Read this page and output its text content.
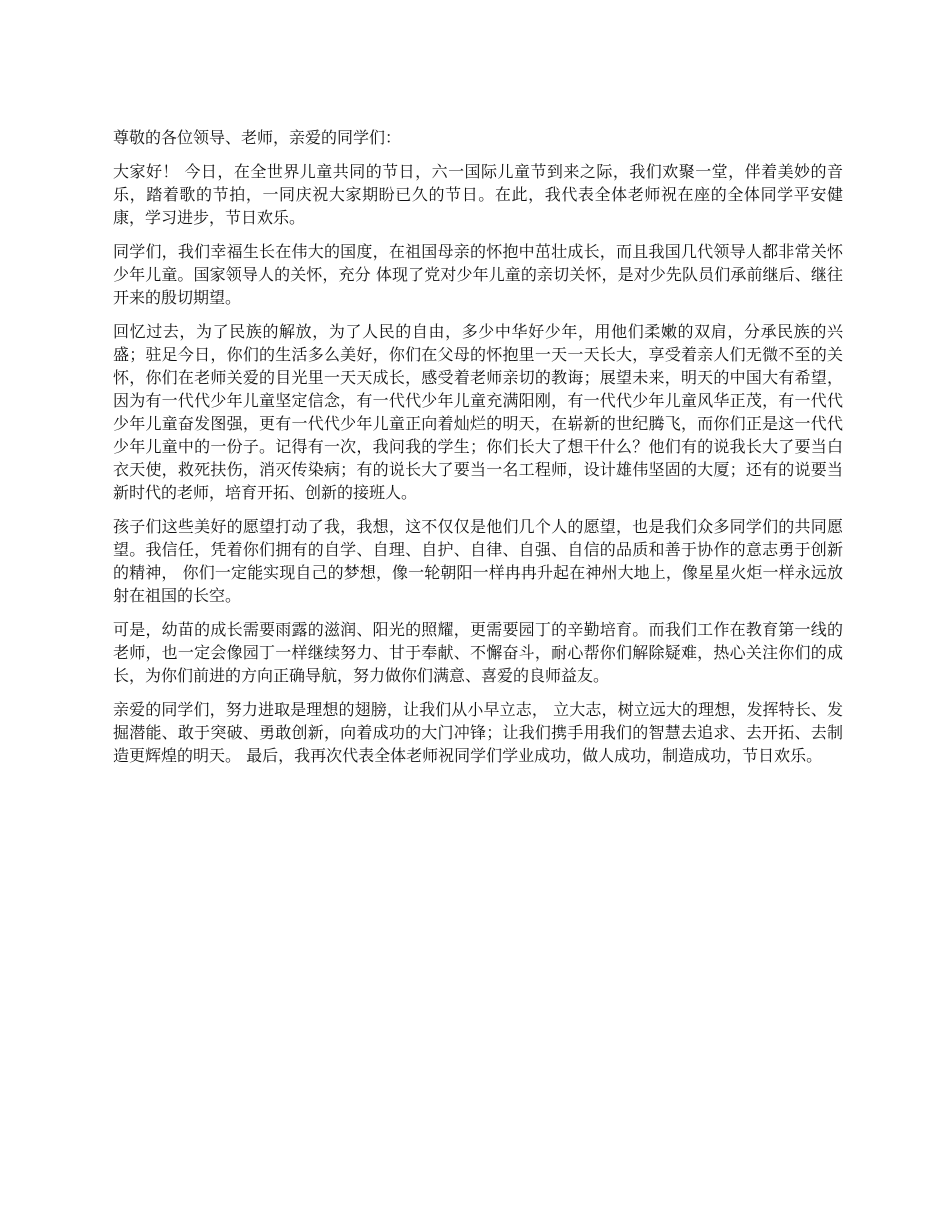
尊敬的各位领导、老师，亲爱的同学们：

大家好！ 今日，在全世界儿童共同的节日，六一国际儿童节到来之际，我们欢聚一堂，伴着美妙的音乐，踏着歌的节拍，一同庆祝大家期盼已久的节日。在此，我代表全体老师祝在座的全体同学平安健康，学习进步，节日欢乐。

同学们，我们幸福生长在伟大的国度，在祖国母亲的怀抱中茁壮成长，而且我国几代领导人都非常关怀少年儿童。国家领导人的关怀，充分 体现了党对少年儿童的亲切关怀，是对少先队员们承前继后、继往开来的殷切期望。

回忆过去，为了民族的解放，为了人民的自由，多少中华好少年，用他们柔嫩的双肩，分承民族的兴盛；驻足今日，你们的生活多么美好，你们在父母的怀抱里一天一天长大，享受着亲人们无微不至的关怀，你们在老师关爱的目光里一天天成长，感受着老师亲切的教诲；展望未来，明天的中国大有希望，因为有一代代少年儿童坚定信念，有一代代少年儿童充满阳刚，有一代代少年儿童风华正茂，有一代代少年儿童奋发图强，更有一代代少年儿童正向着灿烂的明天，在崭新的世纪腾飞，而你们正是这一代代少年儿童中的一份子。记得有一次，我问我的学生；你们长大了想干什么？他们有的说我长大了要当白衣天使，救死扶伤，消灭传染病；有的说长大了要当一名工程师，设计雄伟坚固的大厦；还有的说要当新时代的老师，培育开拓、创新的接班人。

孩子们这些美好的愿望打动了我，我想，这不仅仅是他们几个人的愿望，也是我们众多同学们的共同愿望。我信任，凭着你们拥有的自学、自理、自护、自律、自强、自信的品质和善于协作的意志勇于创新的精神， 你们一定能实现自己的梦想，像一轮朝阳一样冉冉升起在神州大地上，像星星火炬一样永远放射在祖国的长空。

可是，幼苗的成长需要雨露的滋润、阳光的照耀，更需要园丁的辛勤培育。而我们工作在教育第一线的老师，也一定会像园丁一样继续努力、甘于奉献、不懈奋斗，耐心帮你们解除疑难，热心关注你们的成长，为你们前进的方向正确导航，努力做你们满意、喜爱的良师益友。

亲爱的同学们，努力进取是理想的翅膀，让我们从小早立志， 立大志，树立远大的理想，发挥特长、发掘潜能、敢于突破、勇敢创新，向着成功的大门冲锋；让我们携手用我们的智慧去追求、去开拓、去制造更辉煌的明天。 最后，我再次代表全体老师祝同学们学业成功，做人成功，制造成功，节日欢乐。
